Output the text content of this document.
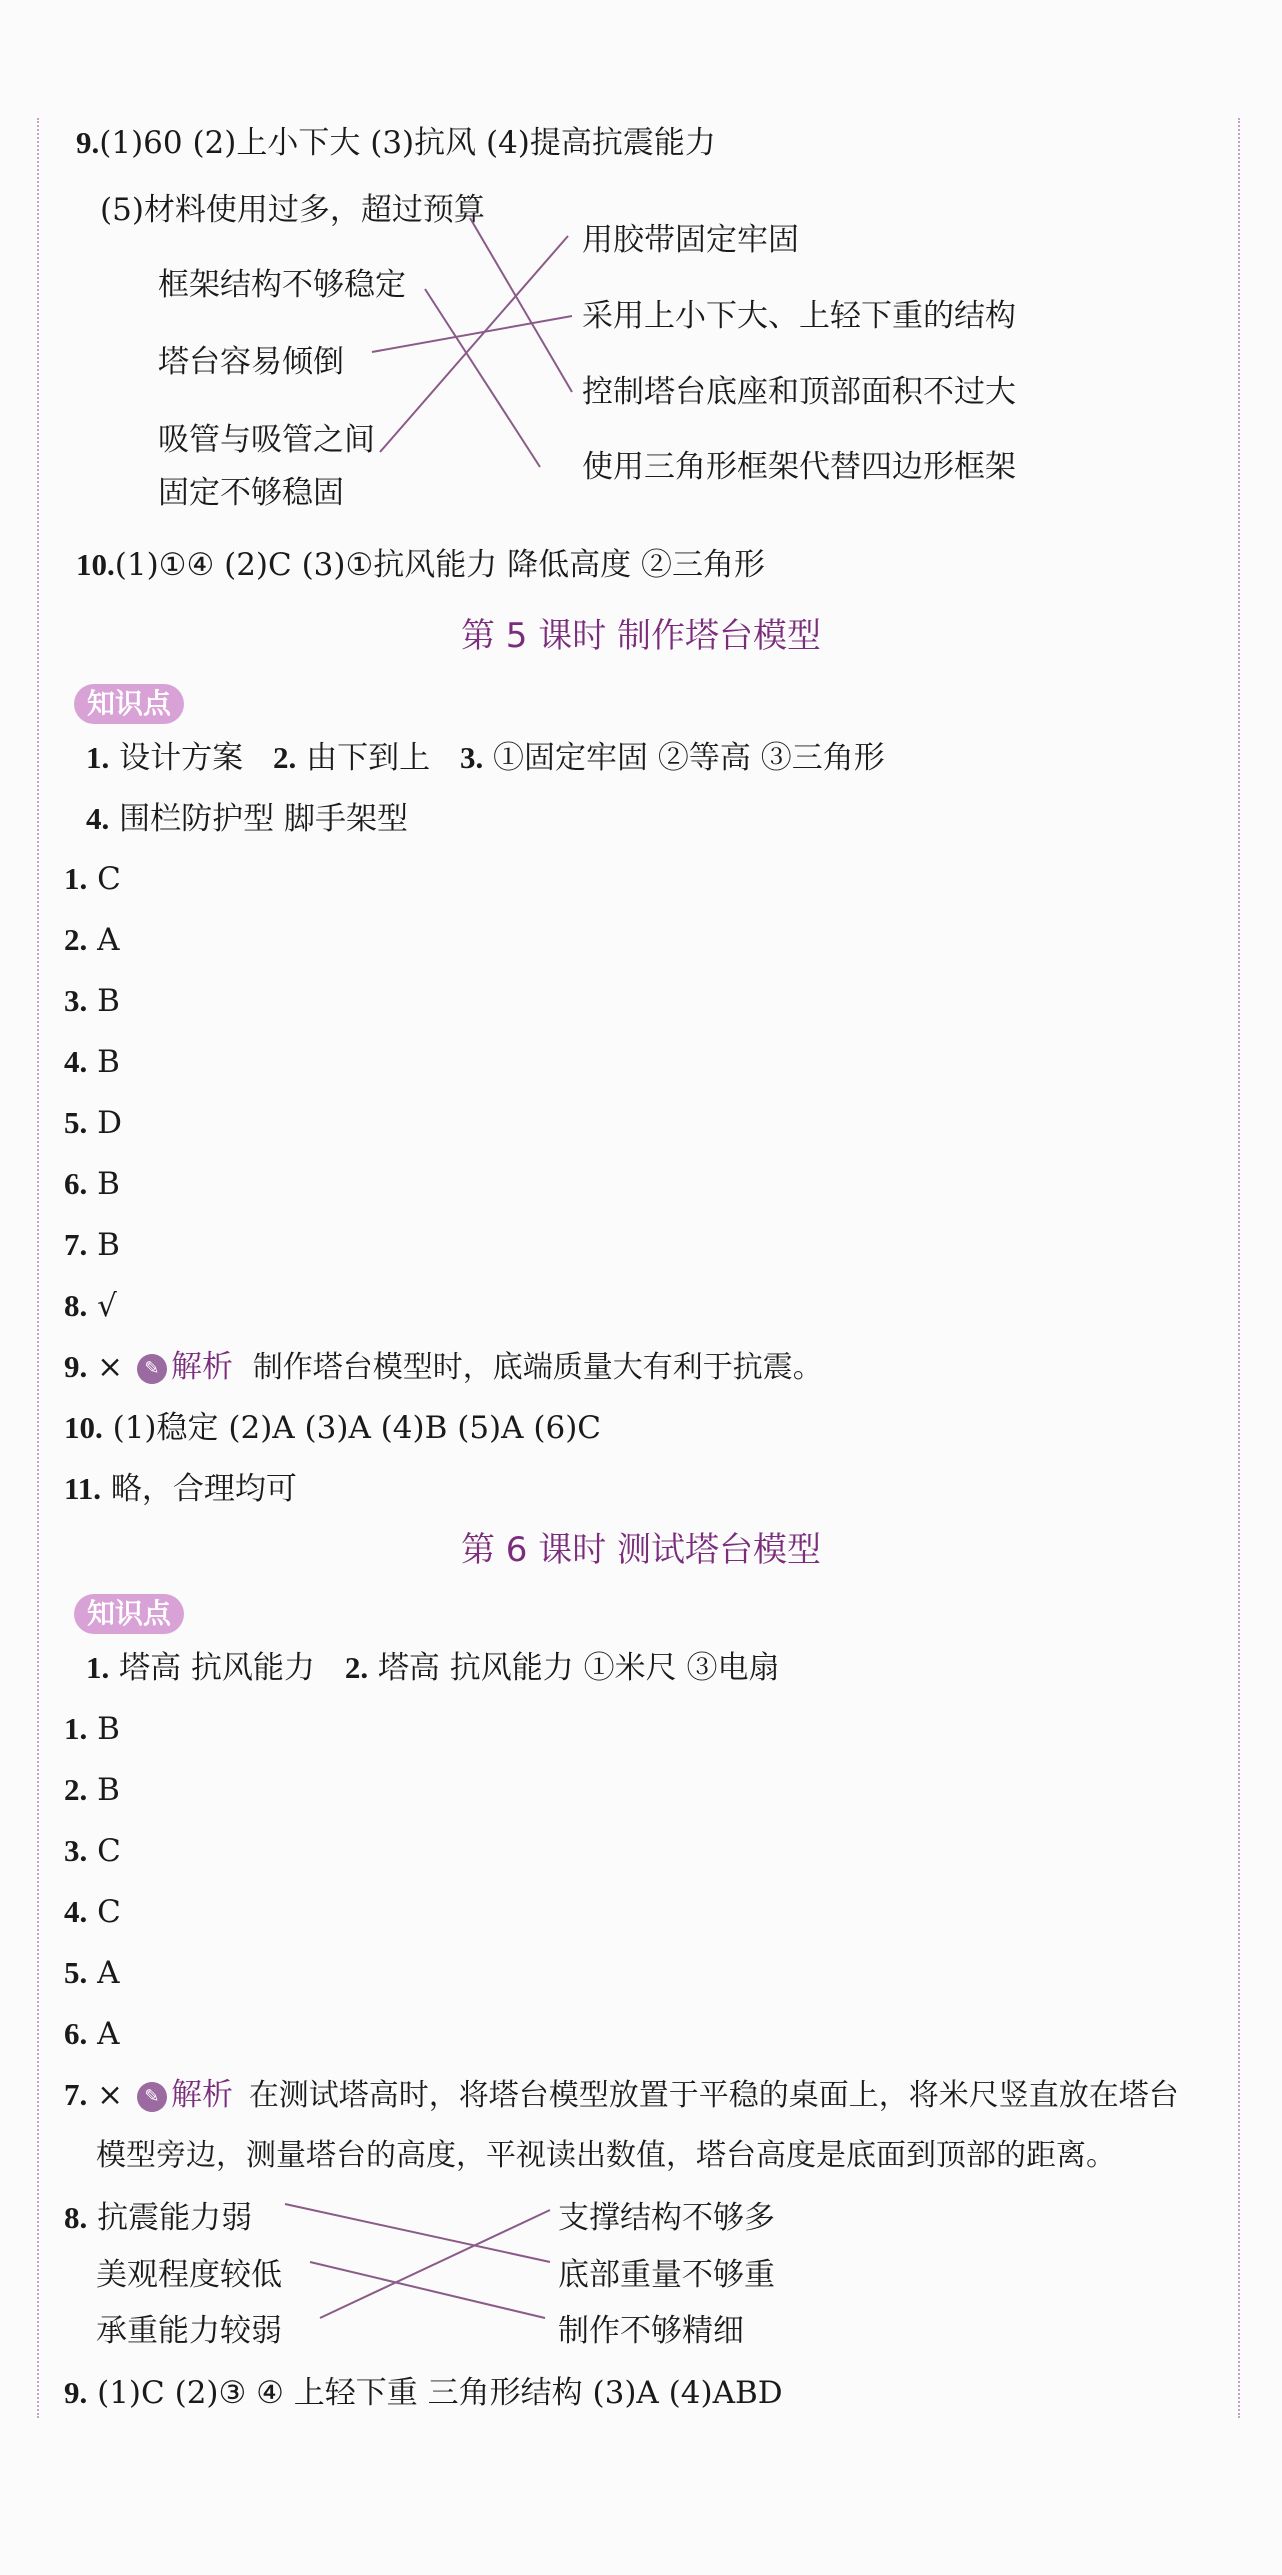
9.(1)60 (2)上小下大 (3)抗风 (4)提高抗震能力
(5)材料使用过多，超过预算
框架结构不够稳定
塔台容易倾倒
吸管与吸管之间
固定不够稳固
用胶带固定牢固
采用上小下大、上轻下重的结构
控制塔台底座和顶部面积不过大
使用三角形框架代替四边形框架
10.(1)①④ (2)C (3)①抗风能力 降低高度 ②三角形
第 5 课时 制作塔台模型
知识点
1. 设计方案 2. 由下到上 3. ①固定牢固 ②等高 ③三角形
4. 围栏防护型 脚手架型
1. C
2. A
3. B
4. B
5. D
6. B
7. B
8. √
9. × ✎ 解析 制作塔台模型时，底端质量大有利于抗震。
10. (1)稳定 (2)A (3)A (4)B (5)A (6)C
11. 略，合理均可
第 6 课时 测试塔台模型
知识点
1. 塔高 抗风能力 2. 塔高 抗风能力 ①米尺 ③电扇
1. B
2. B
3. C
4. C
5. A
6. A
7. × ✎ 解析 在测试塔高时，将塔台模型放置于平稳的桌面上，将米尺竖直放在塔台
模型旁边，测量塔台的高度，平视读出数值，塔台高度是底面到顶部的距离。
8. 抗震能力弱
美观程度较低
承重能力较弱
支撑结构不够多
底部重量不够重
制作不够精细
9. (1)C (2)③ ④ 上轻下重 三角形结构 (3)A (4)ABD
